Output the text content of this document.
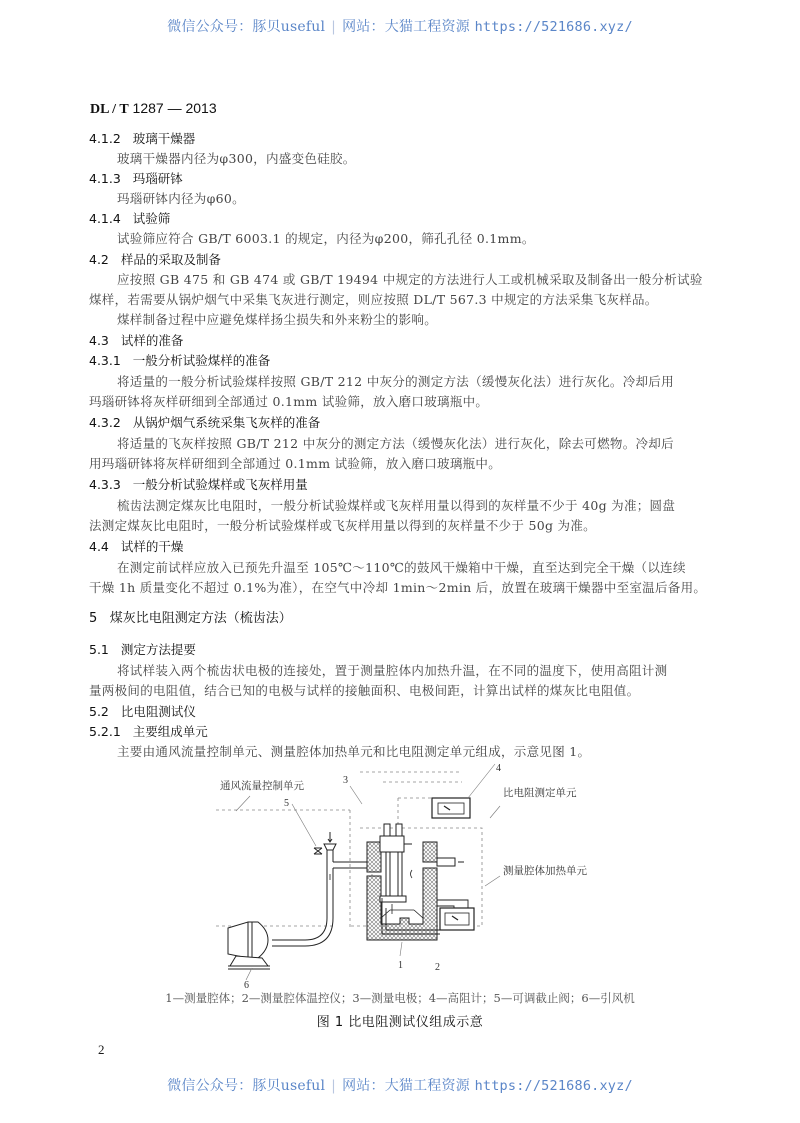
微信公众号：豚贝useful | 网站：大猫工程资源 https://521686.xyz/
DL / T 1287 — 2013
4.1.2 玻璃干燥器
玻璃干燥器内径为φ300，内盛变色硅胶。
4.1.3 玛瑙研钵
玛瑙研钵内径为φ60。
4.1.4 试验筛
试验筛应符合 GB/T 6003.1 的规定，内径为φ200，筛孔孔径 0.1mm。
4.2 样品的采取及制备
应按照 GB 475 和 GB 474 或 GB/T 19494 中规定的方法进行人工或机械采取及制备出一般分析试验
煤样，若需要从锅炉烟气中采集飞灰进行测定，则应按照 DL/T 567.3 中规定的方法采集飞灰样品。
煤样制备过程中应避免煤样扬尘损失和外来粉尘的影响。
4.3 试样的准备
4.3.1 一般分析试验煤样的准备
将适量的一般分析试验煤样按照 GB/T 212 中灰分的测定方法（缓慢灰化法）进行灰化。冷却后用
玛瑙研钵将灰样研细到全部通过 0.1mm 试验筛，放入磨口玻璃瓶中。
4.3.2 从锅炉烟气系统采集飞灰样的准备
将适量的飞灰样按照 GB/T 212 中灰分的测定方法（缓慢灰化法）进行灰化，除去可燃物。冷却后
用玛瑙研钵将灰样研细到全部通过 0.1mm 试验筛，放入磨口玻璃瓶中。
4.3.3 一般分析试验煤样或飞灰样用量
梳齿法测定煤灰比电阻时，一般分析试验煤样或飞灰样用量以得到的灰样量不少于 40g 为准；圆盘
法测定煤灰比电阻时，一般分析试验煤样或飞灰样用量以得到的灰样量不少于 50g 为准。
4.4 试样的干燥
在测定前试样应放入已预先升温至 105℃～110℃的鼓风干燥箱中干燥，直至达到完全干燥（以连续
干燥 1h 质量变化不超过 0.1%为准），在空气中冷却 1min～2min 后，放置在玻璃干燥器中至室温后备用。
5 煤灰比电阻测定方法（梳齿法）
5.1 测定方法提要
将试样装入两个梳齿状电极的连接处，置于测量腔体内加热升温，在不同的温度下，使用高阻计测
量两极间的电阻值，结合已知的电极与试样的接触面积、电极间距，计算出试样的煤灰比电阻值。
5.2 比电阻测试仪
5.2.1 主要组成单元
主要由通风流量控制单元、测量腔体加热单元和比电阻测定单元组成，示意见图 1。
通风流量控制单元
比电阻测定单元
测量腔体加热单元
3
4
5
1	2
6
1—测量腔体；2—测量腔体温控仪；3—测量电极；4—高阻计；5—可调截止阀；6—引风机
图 1 比电阻测试仪组成示意
2
微信公众号：豚贝useful | 网站：大猫工程资源 https://521686.xyz/
